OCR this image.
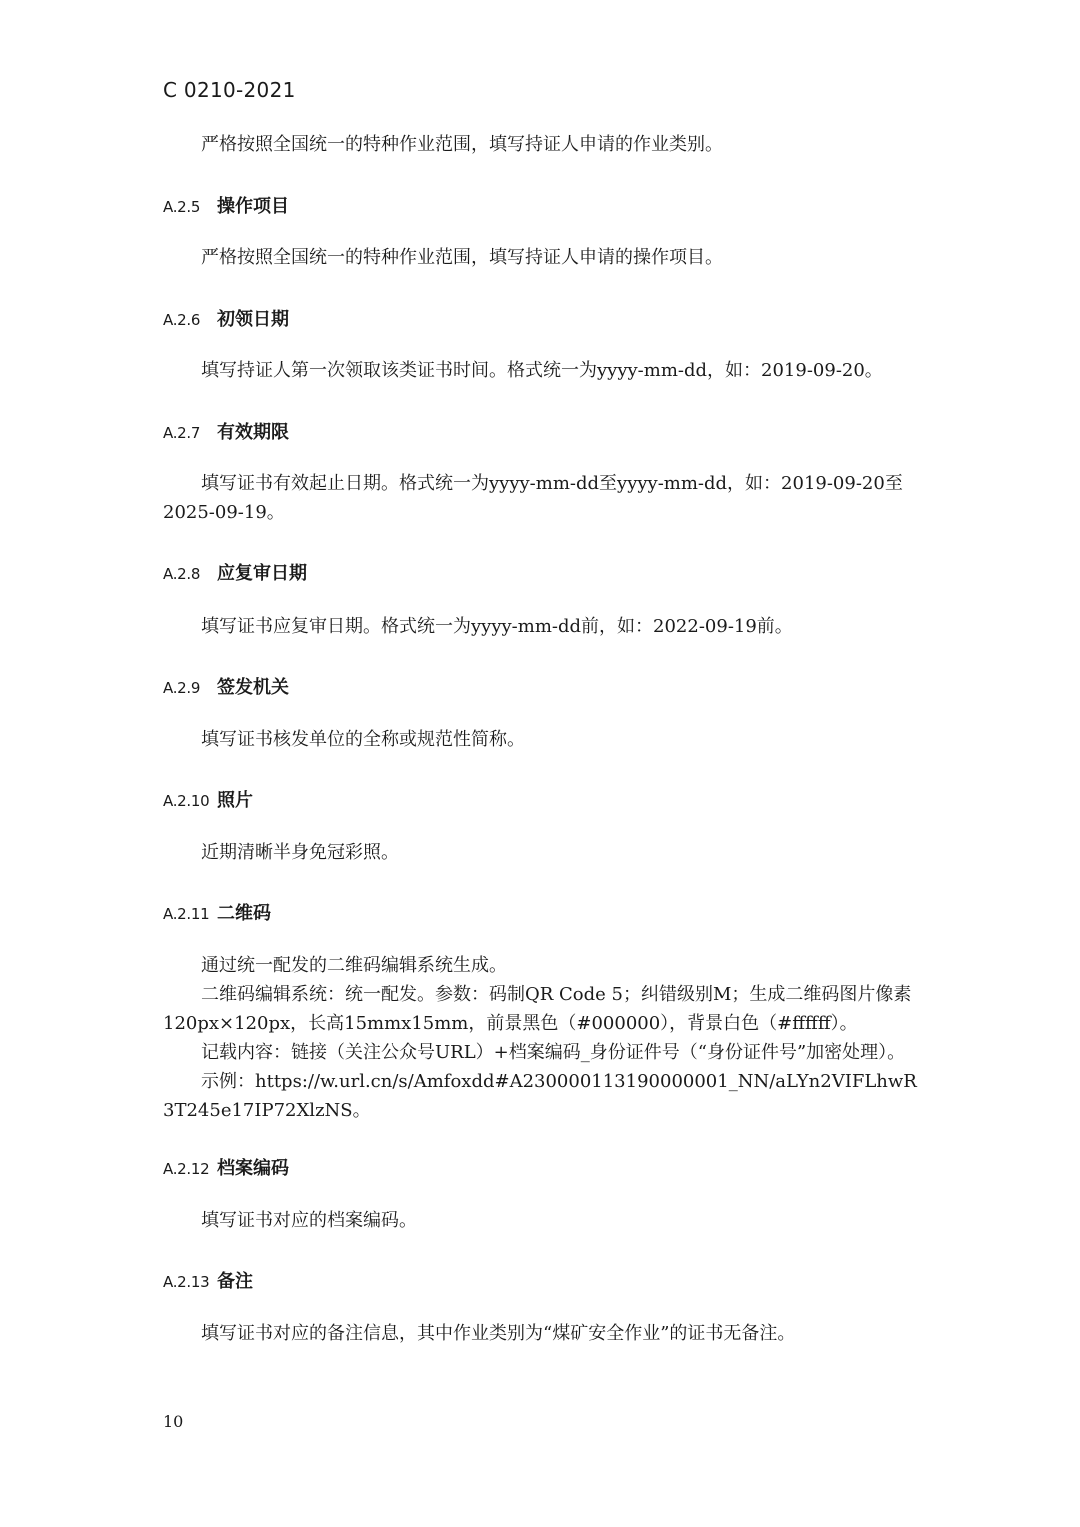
C 0210-2021
严格按照全国统一的特种作业范围，填写持证人申请的作业类别。
A.2.5 操作项目
严格按照全国统一的特种作业范围，填写持证人申请的操作项目。
A.2.6 初领日期
填写持证人第一次领取该类证书时间。格式统一为yyyy-mm-dd，如：2019-09-20。
A.2.7 有效期限
填写证书有效起止日期。格式统一为yyyy-mm-dd至yyyy-mm-dd，如：2019-09-20至2025-09-19。
A.2.8 应复审日期
填写证书应复审日期。格式统一为yyyy-mm-dd前，如：2022-09-19前。
A.2.9 签发机关
填写证书核发单位的全称或规范性简称。
A.2.10 照片
近期清晰半身免冠彩照。
A.2.11 二维码
通过统一配发的二维码编辑系统生成。
二维码编辑系统：统一配发。参数：码制QR Code 5；纠错级别M；生成二维码图片像素120px×120px，长高15mmx15mm，前景黑色（#000000），背景白色（#ffffff）。
记载内容：链接（关注公众号URL）+档案编码_身份证件号（“身份证件号”加密处理）。
示例：https://w.url.cn/s/Amfoxdd#A230000113190000001_NN/aLYn2VIFLhwR3T245e17IP72XlzNS。
A.2.12 档案编码
填写证书对应的档案编码。
A.2.13 备注
填写证书对应的备注信息，其中作业类别为“煤矿安全作业”的证书无备注。
10
